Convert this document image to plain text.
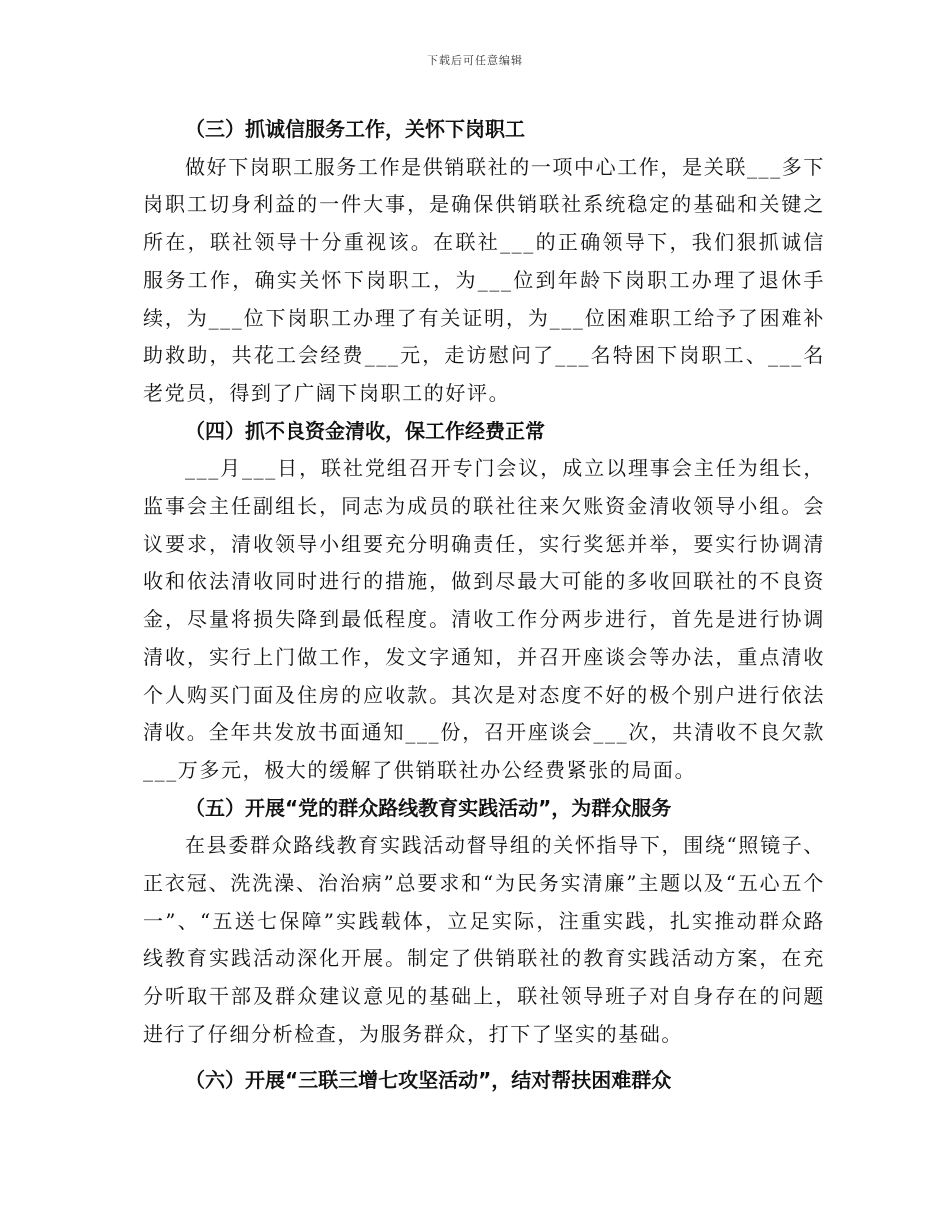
下载后可任意编辑
（三）抓诚信服务工作，关怀下岗职工

做好下岗职工服务工作是供销联社的一项中心工作，是关联___多下岗职工切身利益的一件大事，是确保供销联社系统稳定的基础和关键之所在，联社领导十分重视该。在联社___的正确领导下，我们狠抓诚信服务工作，确实关怀下岗职工，为___位到年龄下岗职工办理了退休手续，为___位下岗职工办理了有关证明，为___位困难职工给予了困难补助救助，共花工会经费___元，走访慰问了___名特困下岗职工、___名老党员，得到了广阔下岗职工的好评。

（四）抓不良资金清收，保工作经费正常

___月___日，联社党组召开专门会议，成立以理事会主任为组长，监事会主任副组长，同志为成员的联社往来欠账资金清收领导小组。会议要求，清收领导小组要充分明确责任，实行奖惩并举，要实行协调清收和依法清收同时进行的措施，做到尽最大可能的多收回联社的不良资金，尽量将损失降到最低程度。清收工作分两步进行，首先是进行协调清收，实行上门做工作，发文字通知，并召开座谈会等办法，重点清收个人购买门面及住房的应收款。其次是对态度不好的极个别户进行依法清收。全年共发放书面通知___份，召开座谈会___次，共清收不良欠款___万多元，极大的缓解了供销联社办公经费紧张的局面。

（五）开展“党的群众路线教育实践活动”，为群众服务

在县委群众路线教育实践活动督导组的关怀指导下，围绕“照镜子、正衣冠、洗洗澡、治治病”总要求和“为民务实清廉”主题以及“五心五个一”、“五送七保障”实践载体，立足实际，注重实践，扎实推动群众路线教育实践活动深化开展。制定了供销联社的教育实践活动方案，在充分听取干部及群众建议意见的基础上，联社领导班子对自身存在的问题进行了仔细分析检查，为服务群众，打下了坚实的基础。

（六）开展“三联三增七攻坚活动”，结对帮扶困难群众
